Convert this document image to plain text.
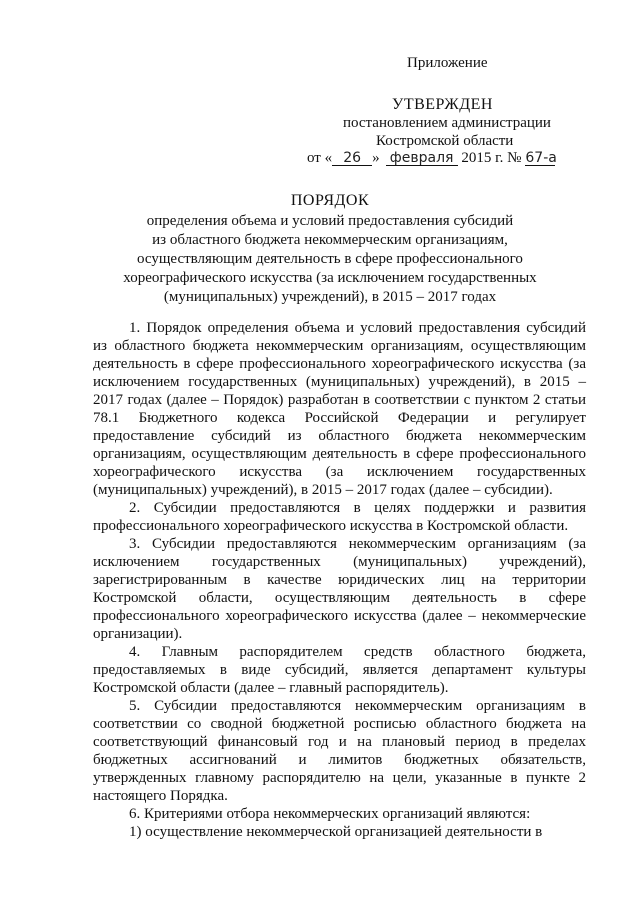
Приложение
УТВЕРЖДЕН
постановлением администрации
Костромской области
от « 26 » февраля 2015 г. № 67-а
ПОРЯДОК
определения объема и условий предоставления субсидий
из областного бюджета некоммерческим организациям,
осуществляющим деятельность в сфере профессионального
хореографического искусства (за исключением государственных
(муниципальных) учреждений), в 2015 – 2017 годах

1. Порядок определения объема и условий предоставления субсидий из областного бюджета некоммерческим организациям, осуществляющим деятельность в сфере профессионального хореографического искусства (за исключением государственных (муниципальных) учреждений), в 2015 – 2017 годах (далее – Порядок) разработан в соответствии с пунктом 2 статьи 78.1 Бюджетного кодекса Российской Федерации и регулирует предоставление субсидий из областного бюджета некоммерческим организациям, осуществляющим деятельность в сфере профессионального хореографического искусства (за исключением государственных (муниципальных) учреждений), в 2015 – 2017 годах (далее – субсидии).

2. Субсидии предоставляются в целях поддержки и развития профессионального хореографического искусства в Костромской области.

3. Субсидии предоставляются некоммерческим организациям (за исключением государственных (муниципальных) учреждений), зарегистрированным в качестве юридических лиц на территории Костромской области, осуществляющим деятельность в сфере профессионального хореографического искусства (далее – некоммерческие организации).

4. Главным распорядителем средств областного бюджета, предоставляемых в виде субсидий, является департамент культуры Костромской области (далее – главный распорядитель).

5. Субсидии предоставляются некоммерческим организациям в соответствии со сводной бюджетной росписью областного бюджета на соответствующий финансовый год и на плановый период в пределах бюджетных ассигнований и лимитов бюджетных обязательств, утвержденных главному распорядителю на цели, указанные в пункте 2 настоящего Порядка.

6. Критериями отбора некоммерческих организаций являются:

1) осуществление некоммерческой организацией деятельности в
